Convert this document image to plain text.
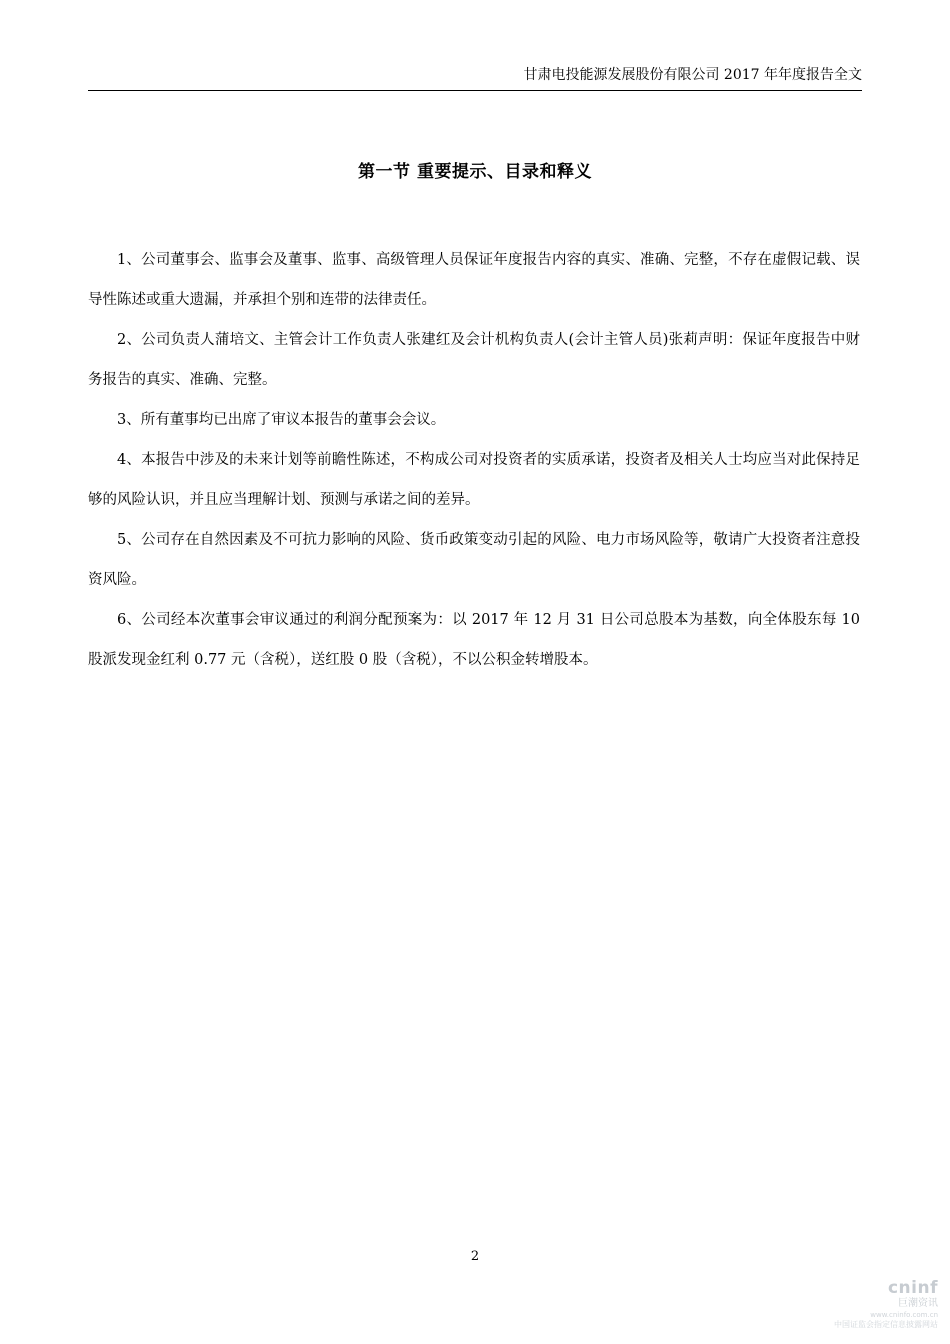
甘肃电投能源发展股份有限公司 2017 年年度报告全文
第一节 重要提示、目录和释义

1、公司董事会、监事会及董事、监事、高级管理人员保证年度报告内容的真实、准确、完整，不存在虚假记载、误导性陈述或重大遗漏，并承担个别和连带的法律责任。

2、公司负责人蒲培文、主管会计工作负责人张建红及会计机构负责人(会计主管人员)张莉声明：保证年度报告中财务报告的真实、准确、完整。

3、所有董事均已出席了审议本报告的董事会会议。

4、本报告中涉及的未来计划等前瞻性陈述，不构成公司对投资者的实质承诺，投资者及相关人士均应当对此保持足够的风险认识，并且应当理解计划、预测与承诺之间的差异。

5、公司存在自然因素及不可抗力影响的风险、货币政策变动引起的风险、电力市场风险等，敬请广大投资者注意投资风险。

6、公司经本次董事会审议通过的利润分配预案为：以 2017 年 12 月 31 日公司总股本为基数，向全体股东每 10 股派发现金红利 0.77 元（含税），送红股 0 股（含税），不以公积金转增股本。

2
cninf
巨潮资讯
www.cninfo.com.cn
中国证监会指定信息披露网站
